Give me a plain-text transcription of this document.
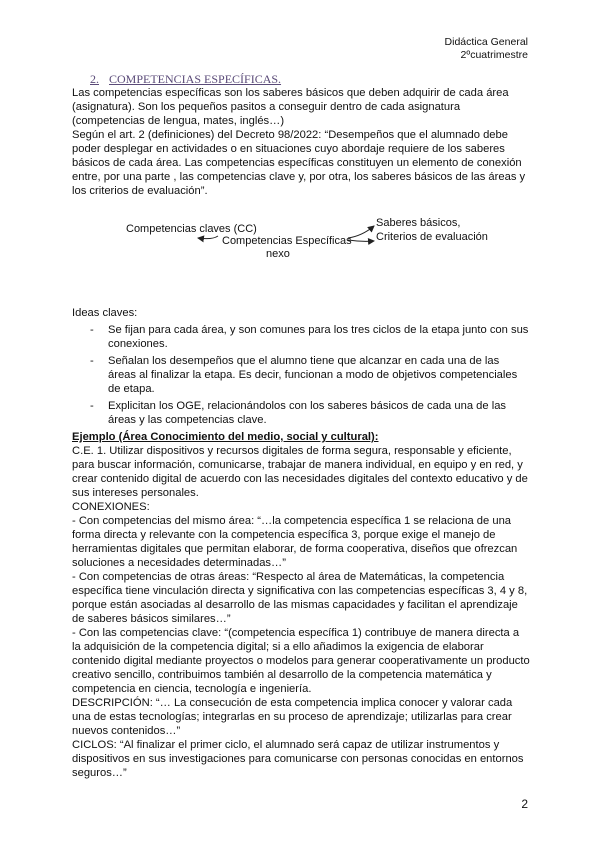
Didáctica General
2ºcuatrimestre

2. COMPETENCIAS ESPECÍFICAS.

Las competencias específicas son los saberes básicos que deben adquirir de cada área (asignatura). Son los pequeños pasitos a conseguir dentro de cada asignatura (competencias de lengua, mates, inglés…)

Según el art. 2 (definiciones) del Decreto 98/2022: “Desempeños que el alumnado debe poder desplegar en actividades o en situaciones cuyo abordaje requiere de los saberes básicos de cada área. Las competencias específicas constituyen un elemento de conexión entre, por una parte , las competencias clave y, por otra, los saberes básicos de las áreas y los criterios de evaluación”.

Competencias claves (CC)
Competencias Específicas
nexo
Saberes básicos,
Criterios de evaluación

Ideas claves:

- Se fijan para cada área, y son comunes para los tres ciclos de la etapa junto con sus conexiones.
- Señalan los desempeños que el alumno tiene que alcanzar en cada una de las áreas al finalizar la etapa. Es decir, funcionan a modo de objetivos competenciales de etapa.
- Explicitan los OGE, relacionándolos con los saberes básicos de cada una de las áreas y las competencias clave.

Ejemplo (Área Conocimiento del medio, social y cultural):

C.E. 1. Utilizar dispositivos y recursos digitales de forma segura, responsable y eficiente, para buscar información, comunicarse, trabajar de manera individual, en equipo y en red, y crear contenido digital de acuerdo con las necesidades digitales del contexto educativo y de sus intereses personales.

CONEXIONES:

- Con competencias del mismo área: “…la competencia específica 1 se relaciona de una forma directa y relevante con la competencia específica 3, porque exige el manejo de herramientas digitales que permitan elaborar, de forma cooperativa, diseños que ofrezcan soluciones a necesidades determinadas…”

- Con competencias de otras áreas: “Respecto al área de Matemáticas, la competencia específica tiene vinculación directa y significativa con las competencias específicas 3, 4 y 8, porque están asociadas al desarrollo de las mismas capacidades y facilitan el aprendizaje de saberes básicos similares…”

- Con las competencias clave: “(competencia específica 1) contribuye de manera directa a la adquisición de la competencia digital; si a ello añadimos la exigencia de elaborar contenido digital mediante proyectos o modelos para generar cooperativamente un producto creativo sencillo, contribuimos también al desarrollo de la competencia matemática y competencia en ciencia, tecnología e ingeniería.

DESCRIPCIÓN: “… La consecución de esta competencia implica conocer y valorar cada una de estas tecnologías; integrarlas en su proceso de aprendizaje; utilizarlas para crear nuevos contenidos…”

CICLOS: “Al finalizar el primer ciclo, el alumnado será capaz de utilizar instrumentos y dispositivos en sus investigaciones para comunicarse con personas conocidas en entornos seguros…”

2
